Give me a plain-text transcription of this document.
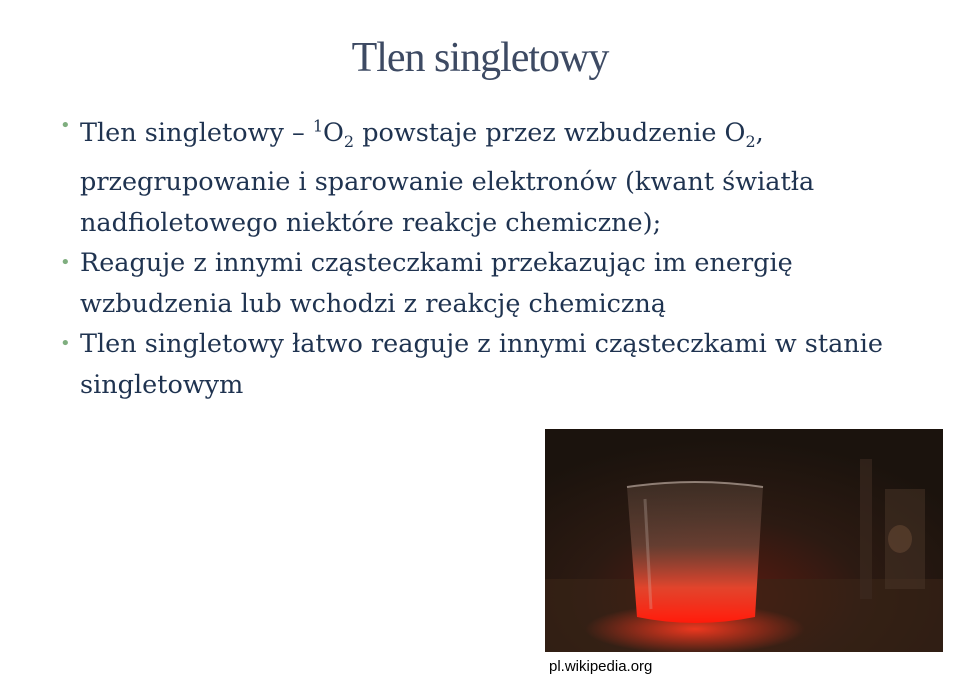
Tlen singletowy
• Tlen singletowy – $^1O_2$ powstaje przez wzbudzenie $O_2$, przegrupowanie i sparowanie elektronów (kwant światła nadfioletowego niektóre reakcje chemiczne);
• Reaguje z innymi cząsteczkami przekazując im energię wzbudzenia lub wchodzi z reakcję chemiczną
• Tlen singletowy łatwo reaguje z innymi cząsteczkami w stanie singletowym
pl.wikipedia.org
